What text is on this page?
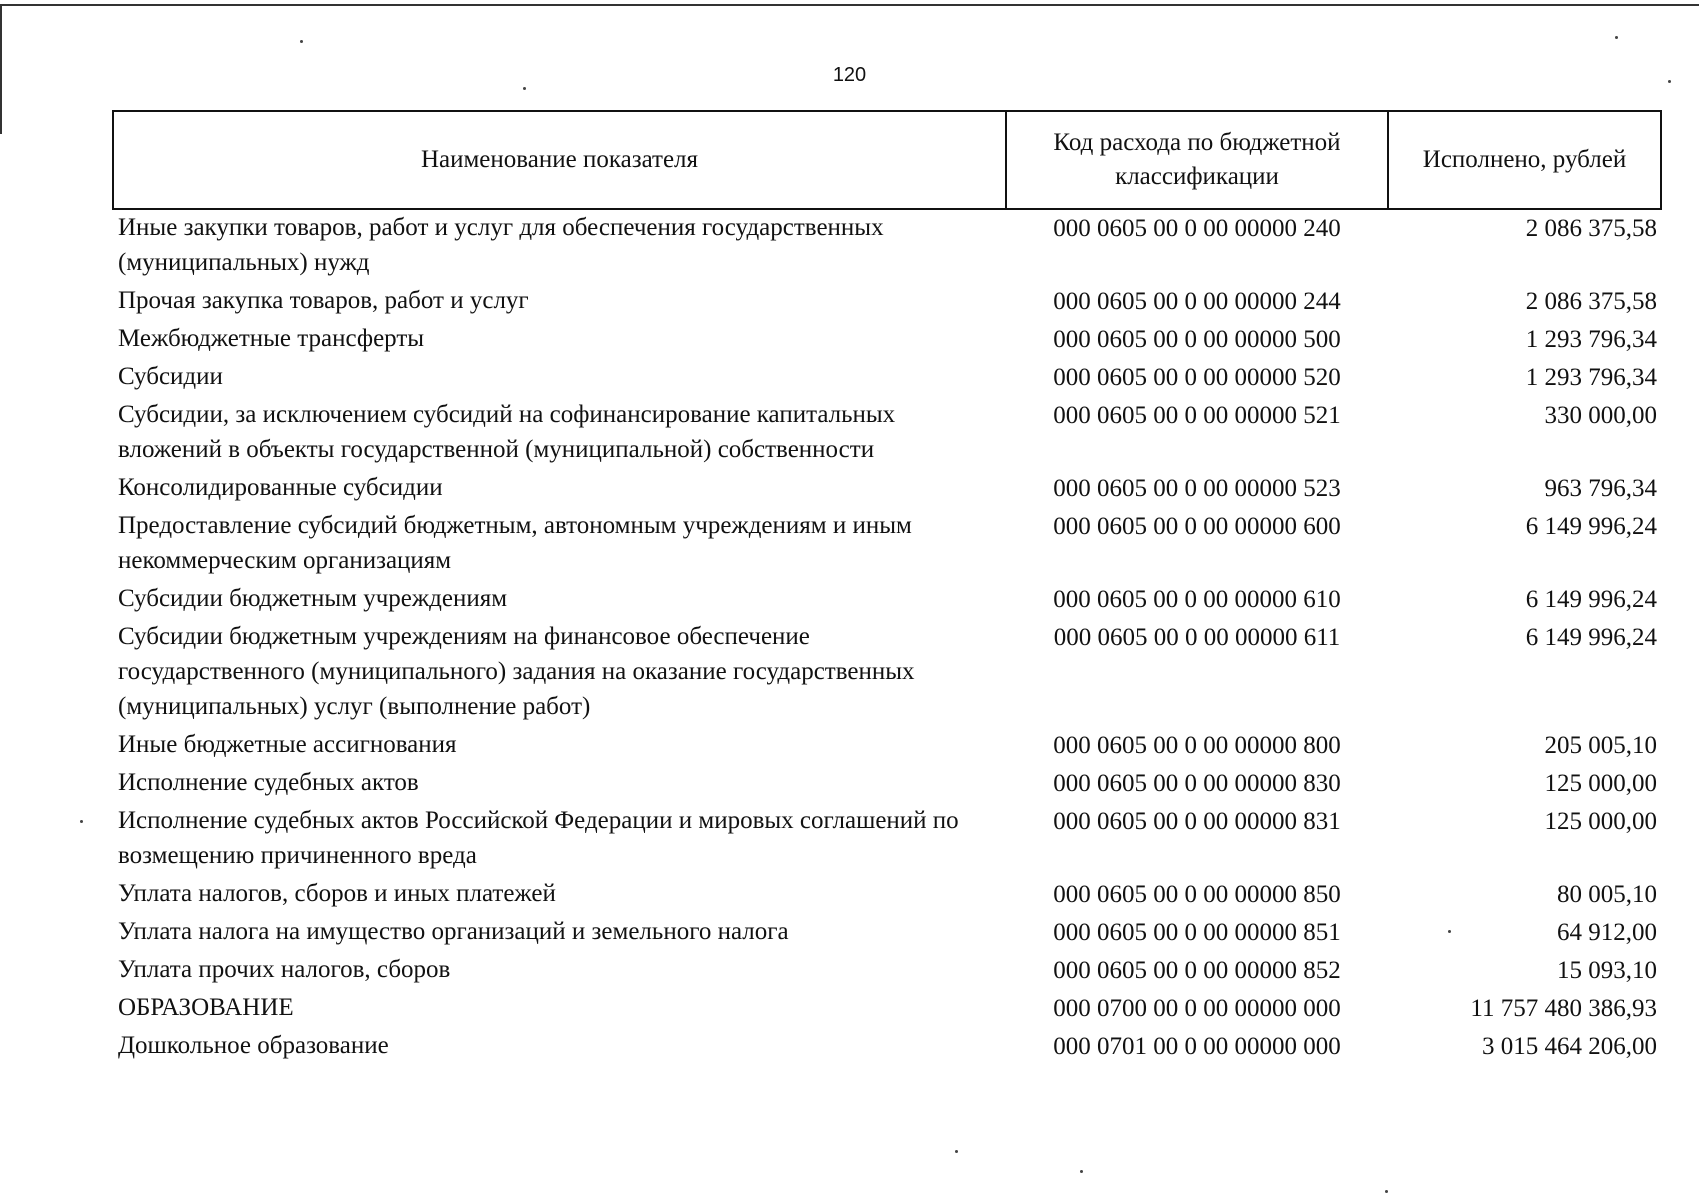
120
Наименование показателя	Код расхода по бюджетной классификации	Исполнено, рублей
Иные закупки товаров, работ и услуг для обеспечения государственных (муниципальных) нужд	000 0605 00 0 00 00000 240	2 086 375,58
Прочая закупка товаров, работ и услуг	000 0605 00 0 00 00000 244	2 086 375,58
Межбюджетные трансферты	000 0605 00 0 00 00000 500	1 293 796,34
Субсидии	000 0605 00 0 00 00000 520	1 293 796,34
Субсидии, за исключением субсидий на софинансирование капитальных вложений в объекты государственной (муниципальной) собственности	000 0605 00 0 00 00000 521	330 000,00
Консолидированные субсидии	000 0605 00 0 00 00000 523	963 796,34
Предоставление субсидий бюджетным, автономным учреждениям и иным некоммерческим организациям	000 0605 00 0 00 00000 600	6 149 996,24
Субсидии бюджетным учреждениям	000 0605 00 0 00 00000 610	6 149 996,24
Субсидии бюджетным учреждениям на финансовое обеспечение государственного (муниципального) задания на оказание государственных (муниципальных) услуг (выполнение работ)	000 0605 00 0 00 00000 611	6 149 996,24
Иные бюджетные ассигнования	000 0605 00 0 00 00000 800	205 005,10
Исполнение судебных актов	000 0605 00 0 00 00000 830	125 000,00
Исполнение судебных актов Российской Федерации и мировых соглашений по возмещению причиненного вреда	000 0605 00 0 00 00000 831	125 000,00
Уплата налогов, сборов и иных платежей	000 0605 00 0 00 00000 850	80 005,10
Уплата налога на имущество организаций и земельного налога	000 0605 00 0 00 00000 851	64 912,00
Уплата прочих налогов, сборов	000 0605 00 0 00 00000 852	15 093,10
ОБРАЗОВАНИЕ	000 0700 00 0 00 00000 000	11 757 480 386,93
Дошкольное образование	000 0701 00 0 00 00000 000	3 015 464 206,00
